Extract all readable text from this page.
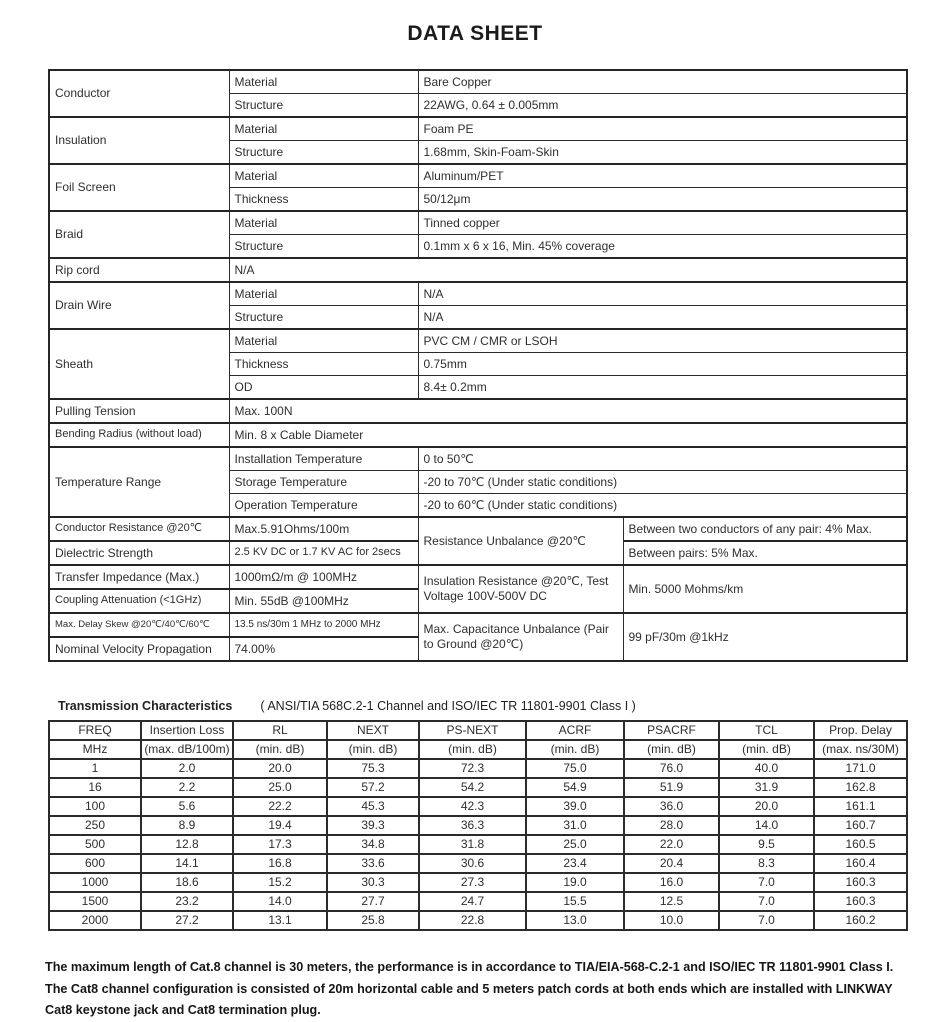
DATA SHEET
Conductor	Material	Bare Copper	
	Structure	22AWG, 0.64 ± 0.005mm	
Insulation	Material	Foam PE	
	Structure	1.68mm, Skin-Foam-Skin	
Foil Screen	Material	Aluminum/PET	
	Thickness	50/12μm	
Braid	Material	Tinned copper	
	Structure	0.1mm x 6 x 16, Min. 45% coverage	
Rip cord	N/A		
Drain Wire	Material	N/A	
	Structure	N/A	
Sheath	Material	PVC CM / CMR or LSOH	
	Thickness	0.75mm	
	OD	8.4± 0.2mm	
Pulling Tension	Max. 100N		
Bending Radius (without load)	Min. 8 x Cable Diameter		
Temperature Range	Installation Temperature	0 to 50℃	
	Storage Temperature	-20 to 70℃ (Under static conditions)	
	Operation Temperature	-20 to 60℃ (Under static conditions)	
Conductor Resistance @20℃	Max.5.91Ohms/100m	Resistance Unbalance @20℃	Between two conductors of any pair: 4% Max.
Dielectric Strength	2.5 KV DC or 1.7 KV AC for 2secs		Between pairs: 5% Max.
Transfer Impedance (Max.)	1000mΩ/m @ 100MHz	Insulation Resistance @20℃, Test Voltage 100V-500V DC	Min. 5000 Mohms/km
Coupling Attenuation (<1GHz)	Min. 55dB @100MHz		
Max. Delay Skew @20℃/40℃/60℃	13.5 ns/30m 1 MHz to 2000 MHz	Max. Capacitance Unbalance (Pair to Ground @20℃)	99 pF/30m @1kHz
Nominal Velocity Propagation	74.00%		
Transmission Characteristics ( ANSI/TIA 568C.2-1 Channel and ISO/IEC TR 11801-9901 Class I )
FREQ	Insertion Loss	RL	NEXT	PS-NEXT	ACRF	PSACRF	TCL	Prop. Delay
MHz	(max. dB/100m)	(min. dB)	(min. dB)	(min. dB)	(min. dB)	(min. dB)	(min. dB)	(max. ns/30M)
1	2.0	20.0	75.3	72.3	75.0	76.0	40.0	171.0
16	2.2	25.0	57.2	54.2	54.9	51.9	31.9	162.8
100	5.6	22.2	45.3	42.3	39.0	36.0	20.0	161.1
250	8.9	19.4	39.3	36.3	31.0	28.0	14.0	160.7
500	12.8	17.3	34.8	31.8	25.0	22.0	9.5	160.5
600	14.1	16.8	33.6	30.6	23.4	20.4	8.3	160.4
1000	18.6	15.2	30.3	27.3	19.0	16.0	7.0	160.3
1500	23.2	14.0	27.7	24.7	15.5	12.5	7.0	160.3
2000	27.2	13.1	25.8	22.8	13.0	10.0	7.0	160.2
The maximum length of Cat.8 channel is 30 meters, the performance is in accordance to TIA/EIA-568-C.2-1 and ISO/IEC TR 11801-9901 Class I.
The Cat8 channel configuration is consisted of 20m horizontal cable and 5 meters patch cords at both ends which are installed with LINKWAY
Cat8 keystone jack and Cat8 termination plug.
